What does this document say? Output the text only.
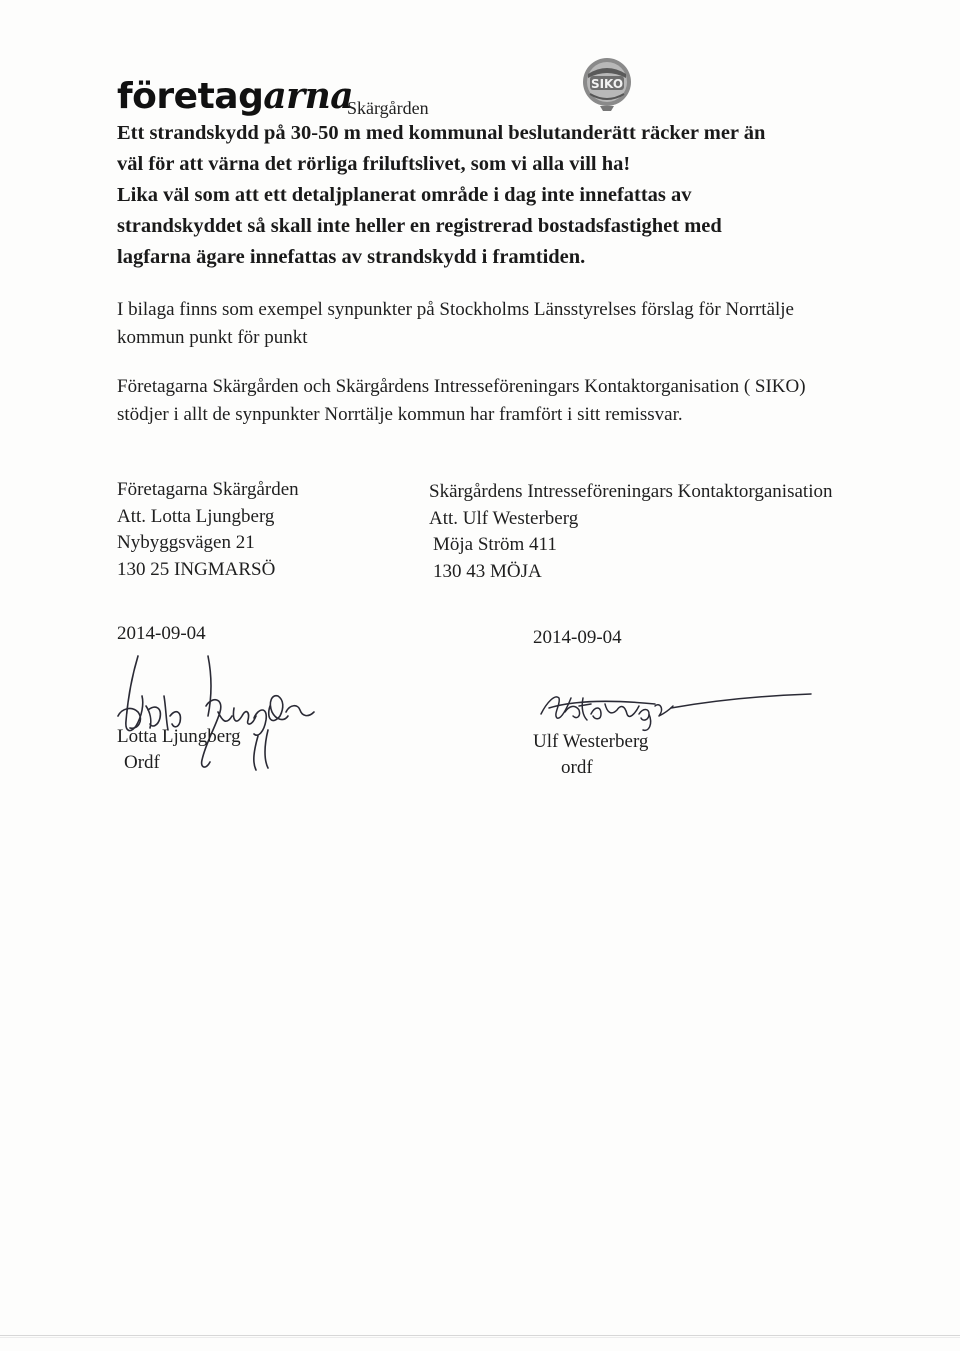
företagarna
Skärgården
SIKO

Ett strandskydd på 30-50 m med kommunal beslutanderätt räcker mer än
väl för att värna det rörliga friluftslivet, som vi alla vill ha!
Lika väl som att ett detaljplanerat område i dag inte innefattas av
strandskyddet så skall inte heller en registrerad bostadsfastighet med
lagfarna ägare innefattas av strandskydd i framtiden.

I bilaga finns som exempel synpunkter på Stockholms Länsstyrelses förslag för Norrtälje
kommun punkt för punkt

Företagarna Skärgården och Skärgårdens Intresseföreningars Kontaktorganisation ( SIKO)
stödjer i allt de synpunkter Norrtälje kommun har framfört i sitt remissvar.

Företagarna Skärgården
Att. Lotta Ljungberg
Nybyggsvägen 21
130 25 INGMARSÖ
Skärgårdens Intresseföreningars Kontaktorganisation
Att. Ulf Westerberg
Möja Ström 411
130 43 MÖJA
2014-09-04	2014-09-04
Lotta Ljungberg
Ordf
Ulf Westerberg
ordf
